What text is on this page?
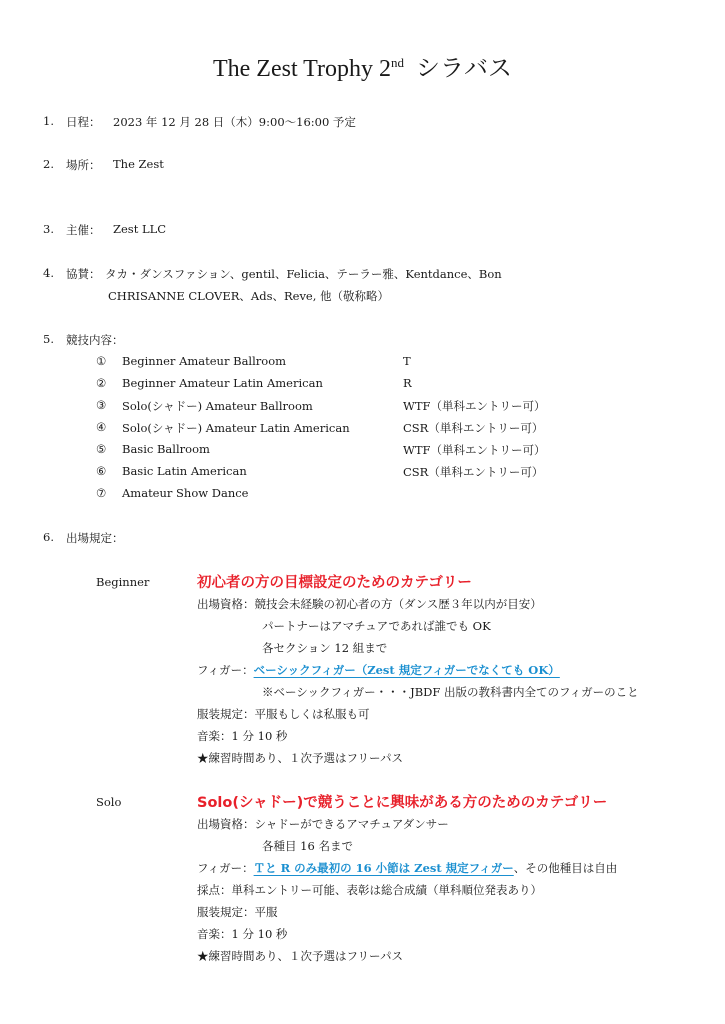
The Zest Trophy 2nd シラバス
1. 日程： 2023 年 12 月 28 日（木）9:00〜16:00 予定
2. 場所： The Zest
3. 主催： Zest LLC
4. 協賛： タカ・ダンスファション、gentil、Felicia、テーラー雅、Kentdance、Bon
CHRISANNE CLOVER、Ads、Reve, 他（敬称略）
5. 競技内容：
① Beginner Amateur Ballroom	T
② Beginner Amateur Latin American	R
③ Solo(シャドー) Amateur Ballroom	WTF（単科エントリー可）
④ Solo(シャドー) Amateur Latin American	CSR（単科エントリー可）
⑤ Basic Ballroom	WTF（単科エントリー可）
⑥ Basic Latin American	CSR（単科エントリー可）
⑦ Amateur Show Dance
6. 出場規定：
Beginner	初心者の方の目標設定のためのカテゴリー
出場資格：競技会未経験の初心者の方（ダンス歴３年以内が目安）
パートナーはアマチュアであれば誰でも OK
各セクション 12 組まで
フィガー：ベーシックフィガー（Zest 規定フィガーでなくても OK）
※ベーシックフィガー・・・JBDF 出版の教科書内全てのフィガーのこと
服装規定：平服もしくは私服も可
音楽：1 分 10 秒
★練習時間あり、１次予選はフリーパス
Solo	Solo(シャドー)で競うことに興味がある方のためのカテゴリー
出場資格：シャドーができるアマチュアダンサー
各種目 16 名まで
フィガー：Ｔと R のみ最初の 16 小節は Zest 規定フィガー、その他種目は自由
採点：単科エントリー可能、表彰は総合成績（単科順位発表あり）
服装規定：平服
音楽：1 分 10 秒
★練習時間あり、１次予選はフリーパス
